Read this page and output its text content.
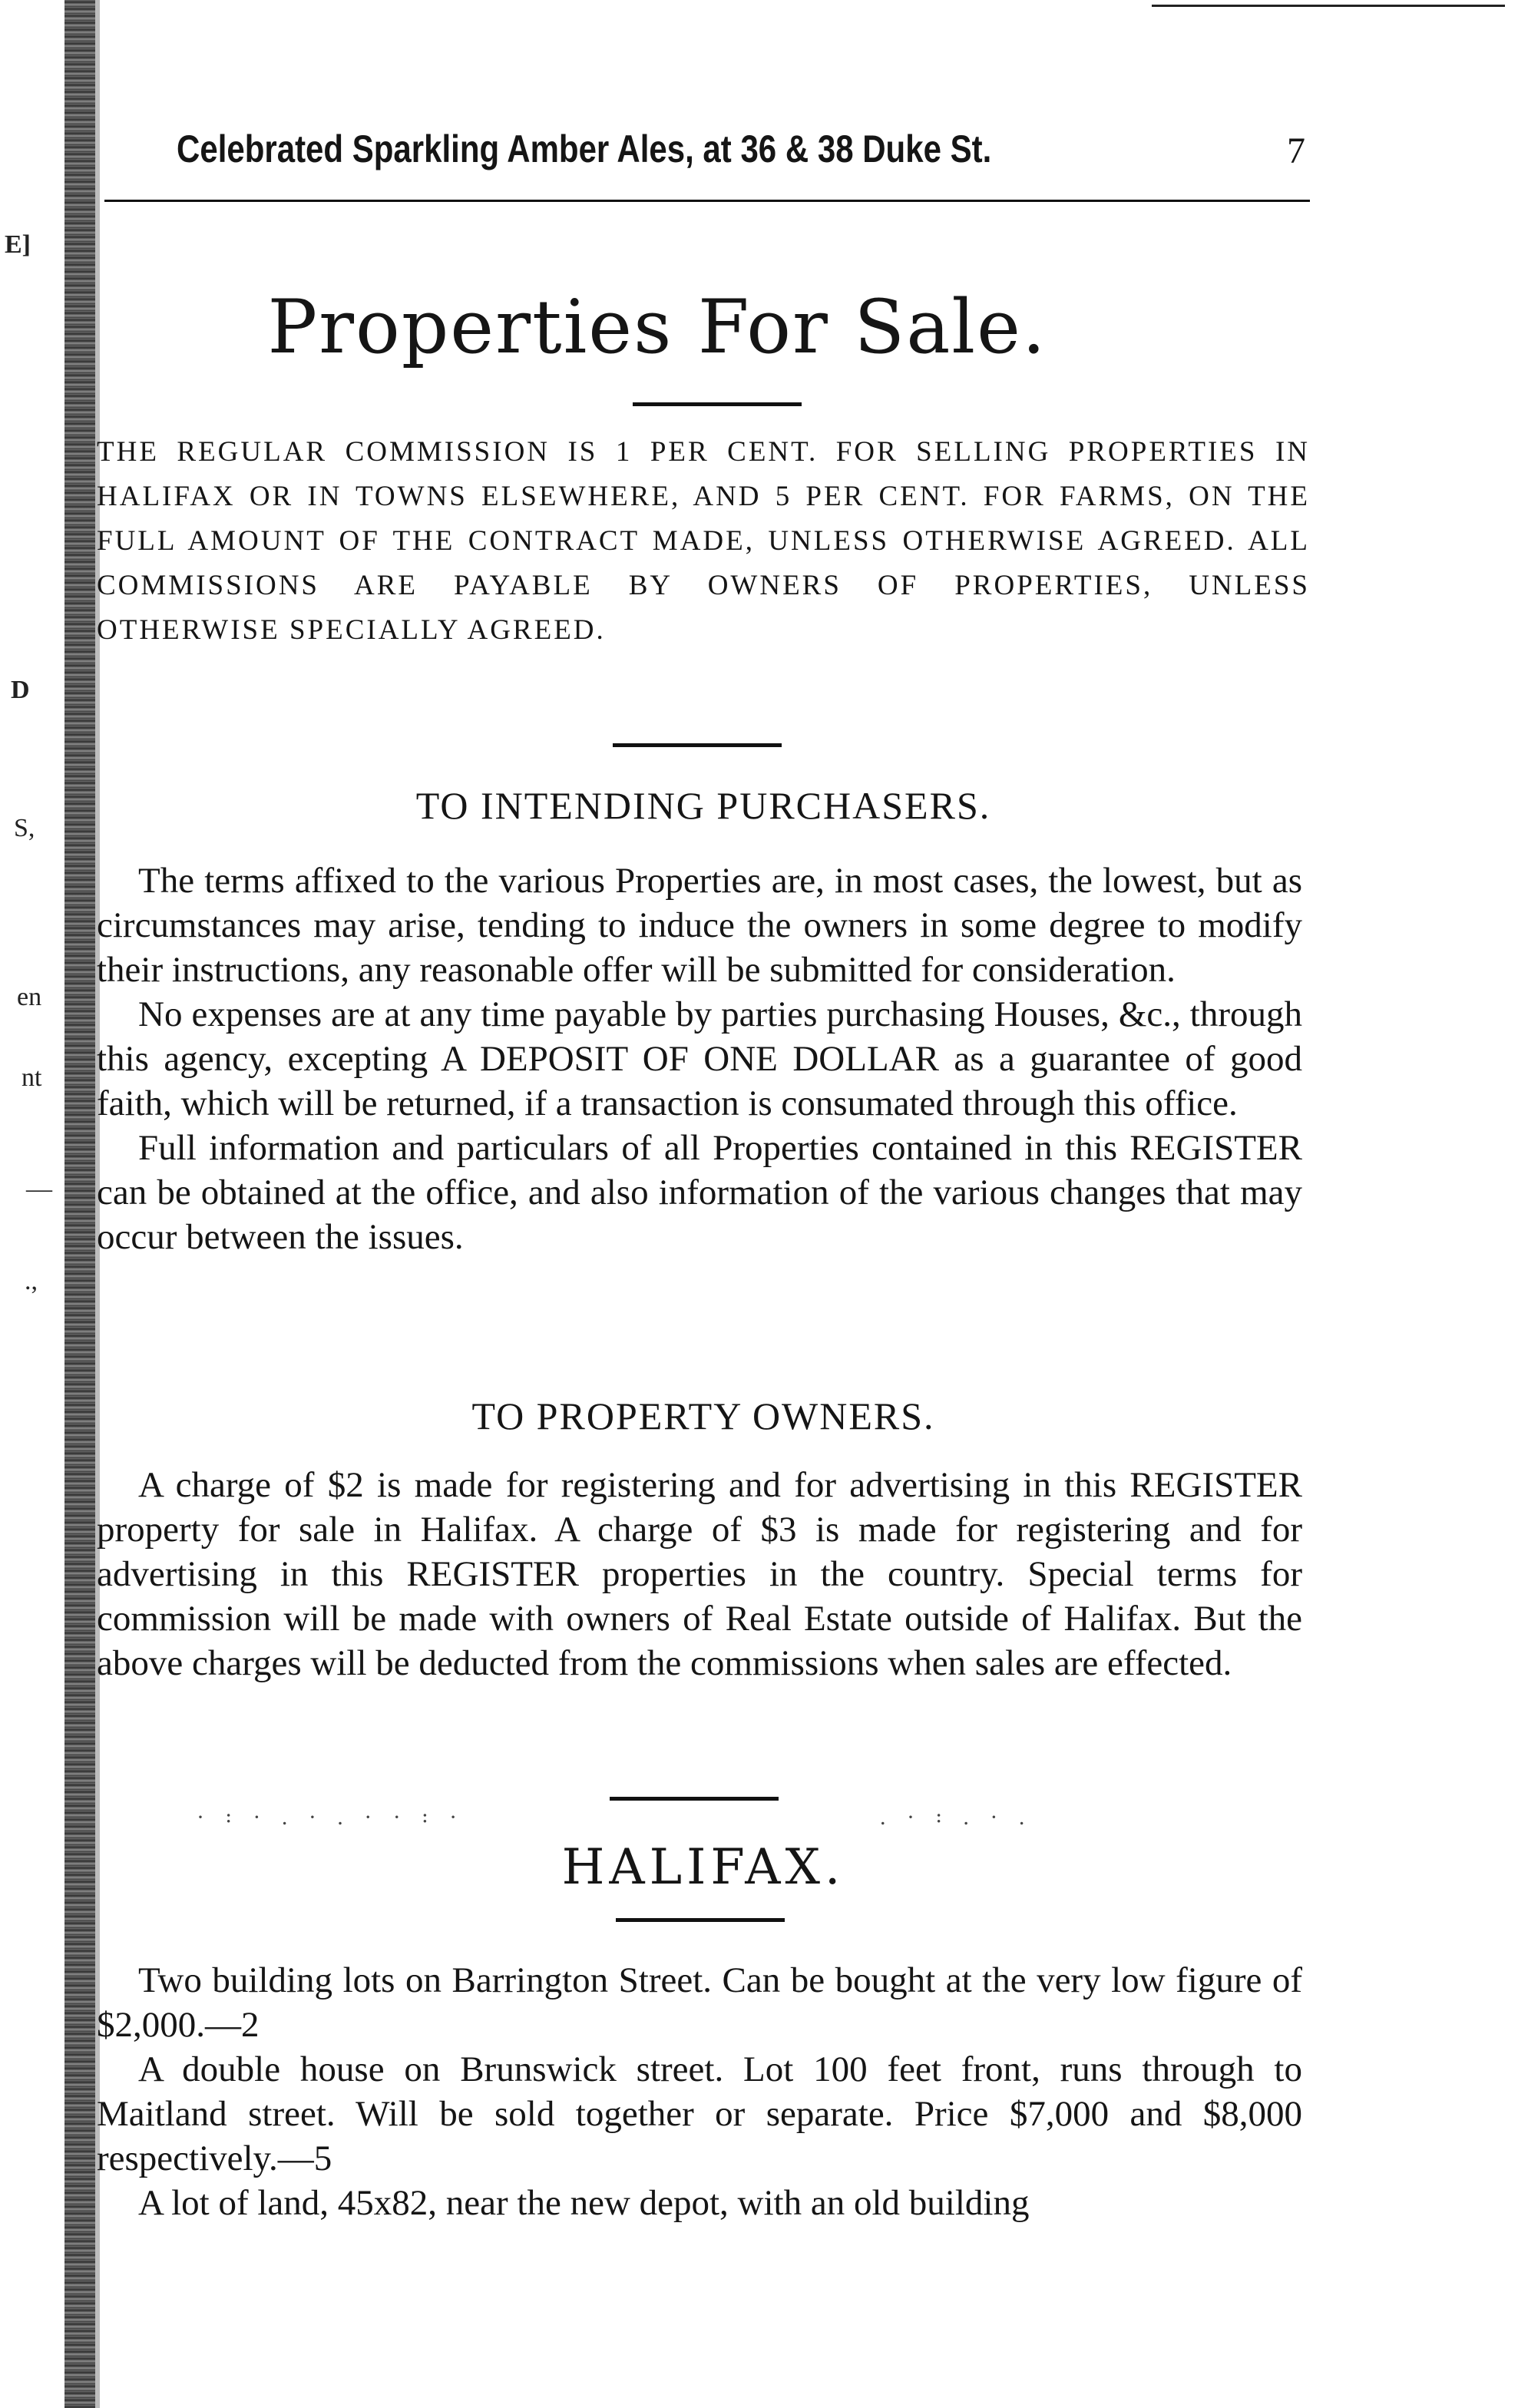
E]
D
S,
en
nt
—
.,
Celebrated Sparkling Amber Ales, at 36 & 38 Duke St.	7
Properties For Sale.

THE REGULAR COMMISSION IS 1 PER CENT. FOR SELLING PROPERTIES IN HALIFAX OR IN TOWNS ELSEWHERE, AND 5 PER CENT. FOR FARMS, ON THE FULL AMOUNT OF THE CONTRACT MADE, UNLESS OTHERWISE AGREED. ALL COMMISSIONS ARE PAYABLE BY OWNERS OF PROPERTIES, UNLESS OTHERWISE SPECIALLY AGREED.

TO INTENDING PURCHASERS.

The terms affixed to the various Properties are, in most cases, the lowest, but as circumstances may arise, tending to induce the owners in some degree to modify their instructions, any reasonable offer will be submitted for consideration.

No expenses are at any time payable by parties purchasing Houses, &c., through this agency, excepting A DEPOSIT OF ONE DOLLAR as a guarantee of good faith, which will be returned, if a transaction is consumated through this office.

Full information and particulars of all Properties contained in this REGISTER can be obtained at the office, and also information of the various changes that may occur between the issues.

TO PROPERTY OWNERS.

A charge of $2 is made for registering and for advertising in this REGISTER property for sale in Halifax. A charge of $3 is made for registering and for advertising in this REGISTER properties in the country. Special terms for commission will be made with owners of Real Estate outside of Halifax. But the above charges will be deducted from the commissions when sales are effected.

· ꞉ · . · . · · ꞉ ·	. · ꞉ . · .
HALIFAX.

Two building lots on Barrington Street. Can be bought at the very low figure of $2,000.—2

A double house on Brunswick street. Lot 100 feet front, runs through to Maitland street. Will be sold together or separate. Price $7,000 and $8,000 respectively.—5

A lot of land, 45x82, near the new depot, with an old building
